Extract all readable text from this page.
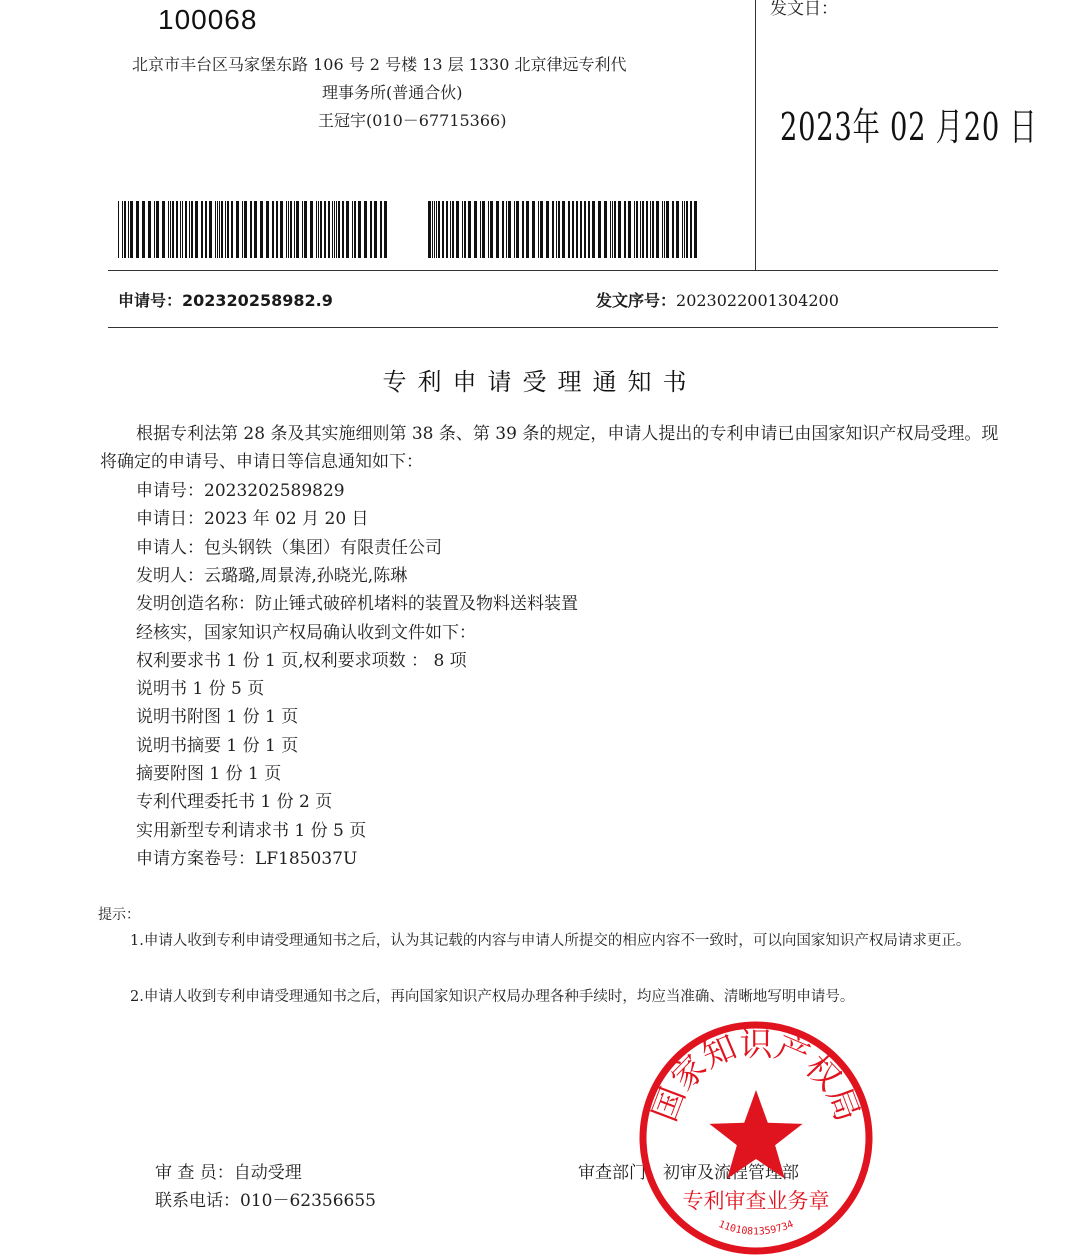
100068
北京市丰台区马家堡东路 106 号 2 号楼 13 层 1330 北京律远专利代
理事务所(普通合伙)
王冠宇(010－67715366)
发文日：
2023年 02 月20 日
申请号：202320258982.9	发文序号：2023022001304200
专利申请受理通知书
根据专利法第 28 条及其实施细则第 38 条、第 39 条的规定，申请人提出的专利申请已由国家知识产权局受理。现将确定的申请号、申请日等信息通知如下：
申请号：2023202589829
申请日：2023 年 02 月 20 日
申请人：包头钢铁（集团）有限责任公司
发明人：云璐璐,周景涛,孙晓光,陈琳
发明创造名称：防止锤式破碎机堵料的装置及物料送料装置
经核实，国家知识产权局确认收到文件如下：
权利要求书 1 份 1 页,权利要求项数 ： 8 项
说明书 1 份 5 页
说明书附图 1 份 1 页
说明书摘要 1 份 1 页
摘要附图 1 份 1 页
专利代理委托书 1 份 2 页
实用新型专利请求书 1 份 5 页
申请方案卷号：LF185037U
提示：
1.申请人收到专利申请受理通知书之后，认为其记载的内容与申请人所提交的相应内容不一致时，可以向国家知识产权局请求更正。
2.申请人收到专利申请受理通知书之后，再向国家知识产权局办理各种手续时，均应当准确、清晰地写明申请号。
审 查 员：自动受理
联系电话：010－62356655
审查部门：初审及流程管理部
国家知识产权局
专利审查业务章
1101081359734
